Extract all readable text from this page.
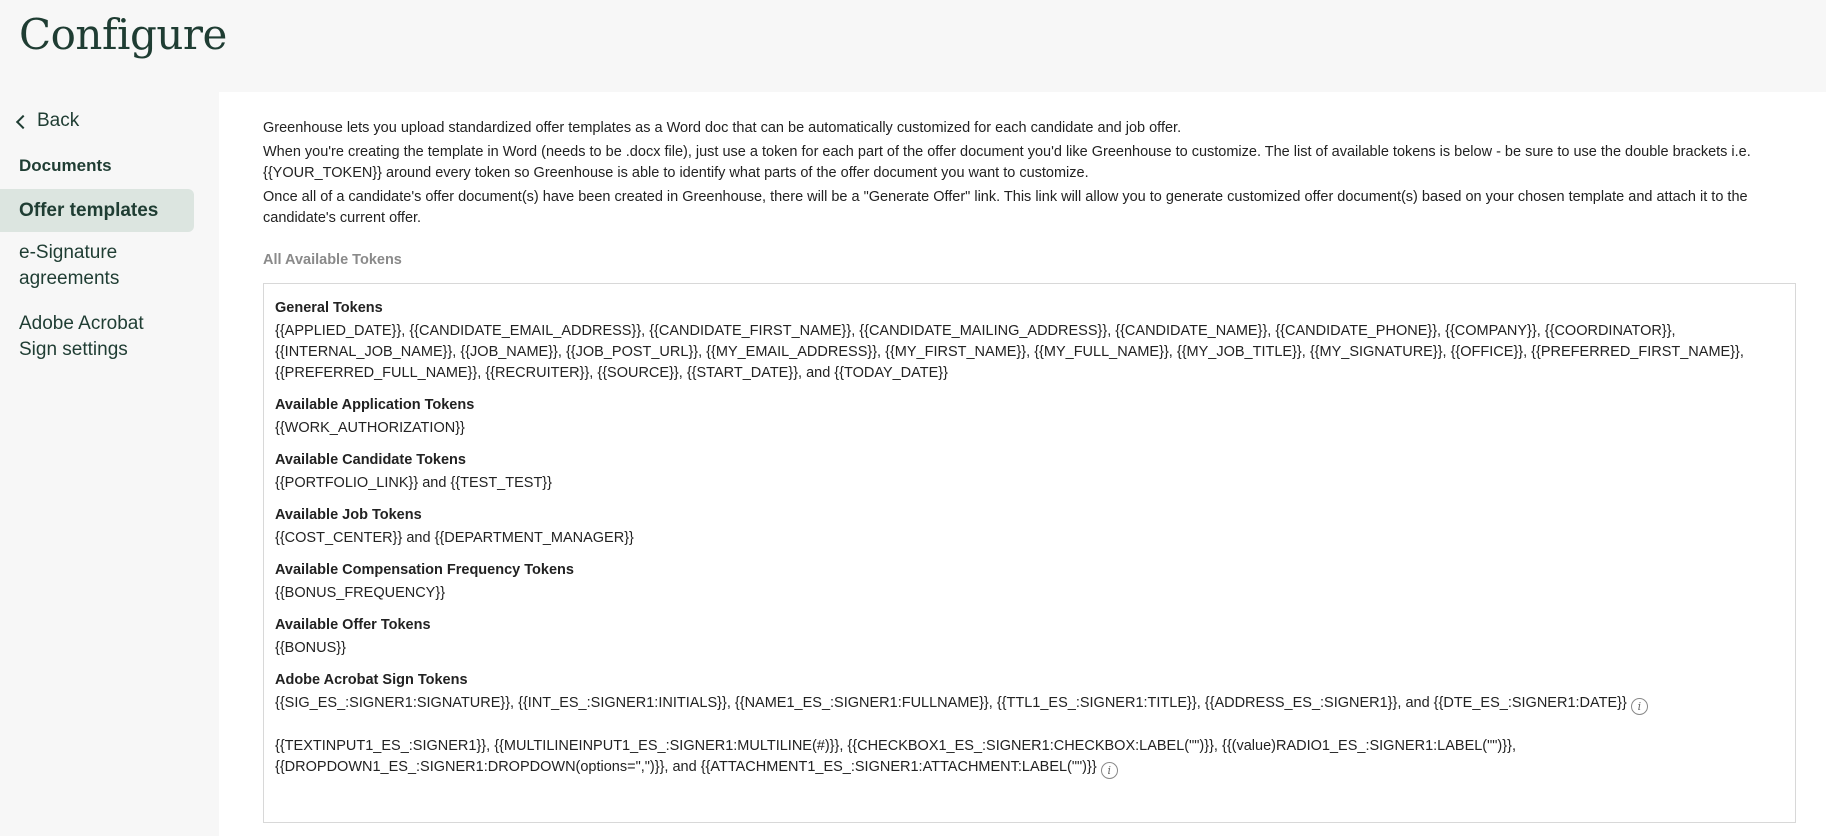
Configure
Back
Documents
Offer templates
e-Signature agreements
Adobe Acrobat Sign settings

Greenhouse lets you upload standardized offer templates as a Word doc that can be automatically customized for each candidate and job offer.

When you're creating the template in Word (needs to be .docx file), just use a token for each part of the offer document you'd like Greenhouse to customize. The list of available tokens is below - be sure to use the double brackets i.e. {{YOUR_TOKEN}} around every token so Greenhouse is able to identify what parts of the offer document you want to customize.

Once all of a candidate's offer document(s) have been created in Greenhouse, there will be a "Generate Offer" link. This link will allow you to generate customized offer document(s) based on your chosen template and attach it to the candidate's current offer.

All Available Tokens
General Tokens
{{APPLIED_DATE}}, {{CANDIDATE_EMAIL_ADDRESS}}, {{CANDIDATE_FIRST_NAME}}, {{CANDIDATE_MAILING_ADDRESS}}, {{CANDIDATE_NAME}}, {{CANDIDATE_PHONE}}, {{COMPANY}}, {{COORDINATOR}}, {{INTERNAL_JOB_NAME}}, {{JOB_NAME}}, {{JOB_POST_URL}}, {{MY_EMAIL_ADDRESS}}, {{MY_FIRST_NAME}}, {{MY_FULL_NAME}}, {{MY_JOB_TITLE}}, {{MY_SIGNATURE}}, {{OFFICE}}, {{PREFERRED_FIRST_NAME}}, {{PREFERRED_FULL_NAME}}, {{RECRUITER}}, {{SOURCE}}, {{START_DATE}}, and {{TODAY_DATE}}
Available Application Tokens
{{WORK_AUTHORIZATION}}
Available Candidate Tokens
{{PORTFOLIO_LINK}} and {{TEST_TEST}}
Available Job Tokens
{{COST_CENTER}} and {{DEPARTMENT_MANAGER}}
Available Compensation Frequency Tokens
{{BONUS_FREQUENCY}}
Available Offer Tokens
{{BONUS}}
Adobe Acrobat Sign Tokens
{{SIG_ES_:SIGNER1:SIGNATURE}}, {{INT_ES_:SIGNER1:INITIALS}}, {{NAME1_ES_:SIGNER1:FULLNAME}}, {{TTL1_ES_:SIGNER1:TITLE}}, {{ADDRESS_ES_:SIGNER1}}, and {{DTE_ES_:SIGNER1:DATE}} i
{{TEXTINPUT1_ES_:SIGNER1}}, {{MULTILINEINPUT1_ES_:SIGNER1:MULTILINE(#)}}, {{CHECKBOX1_ES_:SIGNER1:CHECKBOX:LABEL("")}}, {{(value)RADIO1_ES_:SIGNER1:LABEL("")}}, {{DROPDOWN1_ES_:SIGNER1:DROPDOWN(options=",")}}, and {{ATTACHMENT1_ES_:SIGNER1:ATTACHMENT:LABEL("")}} i
